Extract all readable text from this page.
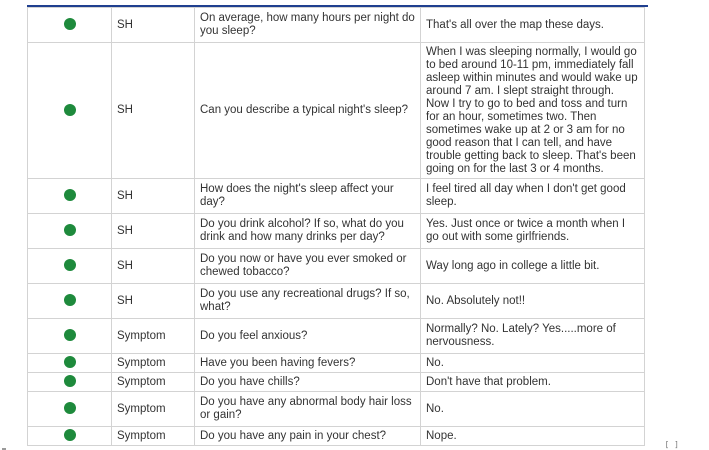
	SH	On average, how many hours per night do you sleep?	That's all over the map these days.
	SH	Can you describe a typical night's sleep?	When I was sleeping normally, I would go to bed around 10-11 pm, immediately fall asleep within minutes and would wake up around 7 am. I slept straight through. Now I try to go to bed and toss and turn for an hour, sometimes two. Then sometimes wake up at 2 or 3 am for no good reason that I can tell, and have trouble getting back to sleep. That's been going on for the last 3 or 4 months.
	SH	How does the night's sleep affect your day?	I feel tired all day when I don't get good sleep.
	SH	Do you drink alcohol? If so, what do you drink and how many drinks per day?	Yes. Just once or twice a month when I go out with some girlfriends.
	SH	Do you now or have you ever smoked or chewed tobacco?	Way long ago in college a little bit.
	SH	Do you use any recreational drugs? If so, what?	No. Absolutely not!!
	Symptom	Do you feel anxious?	Normally? No. Lately? Yes.....more of nervousness.
	Symptom	Have you been having fevers?	No.
	Symptom	Do you have chills?	Don't have that problem.
	Symptom	Do you have any abnormal body hair loss or gain?	No.
	Symptom	Do you have any pain in your chest?	Nope.
[ ]
